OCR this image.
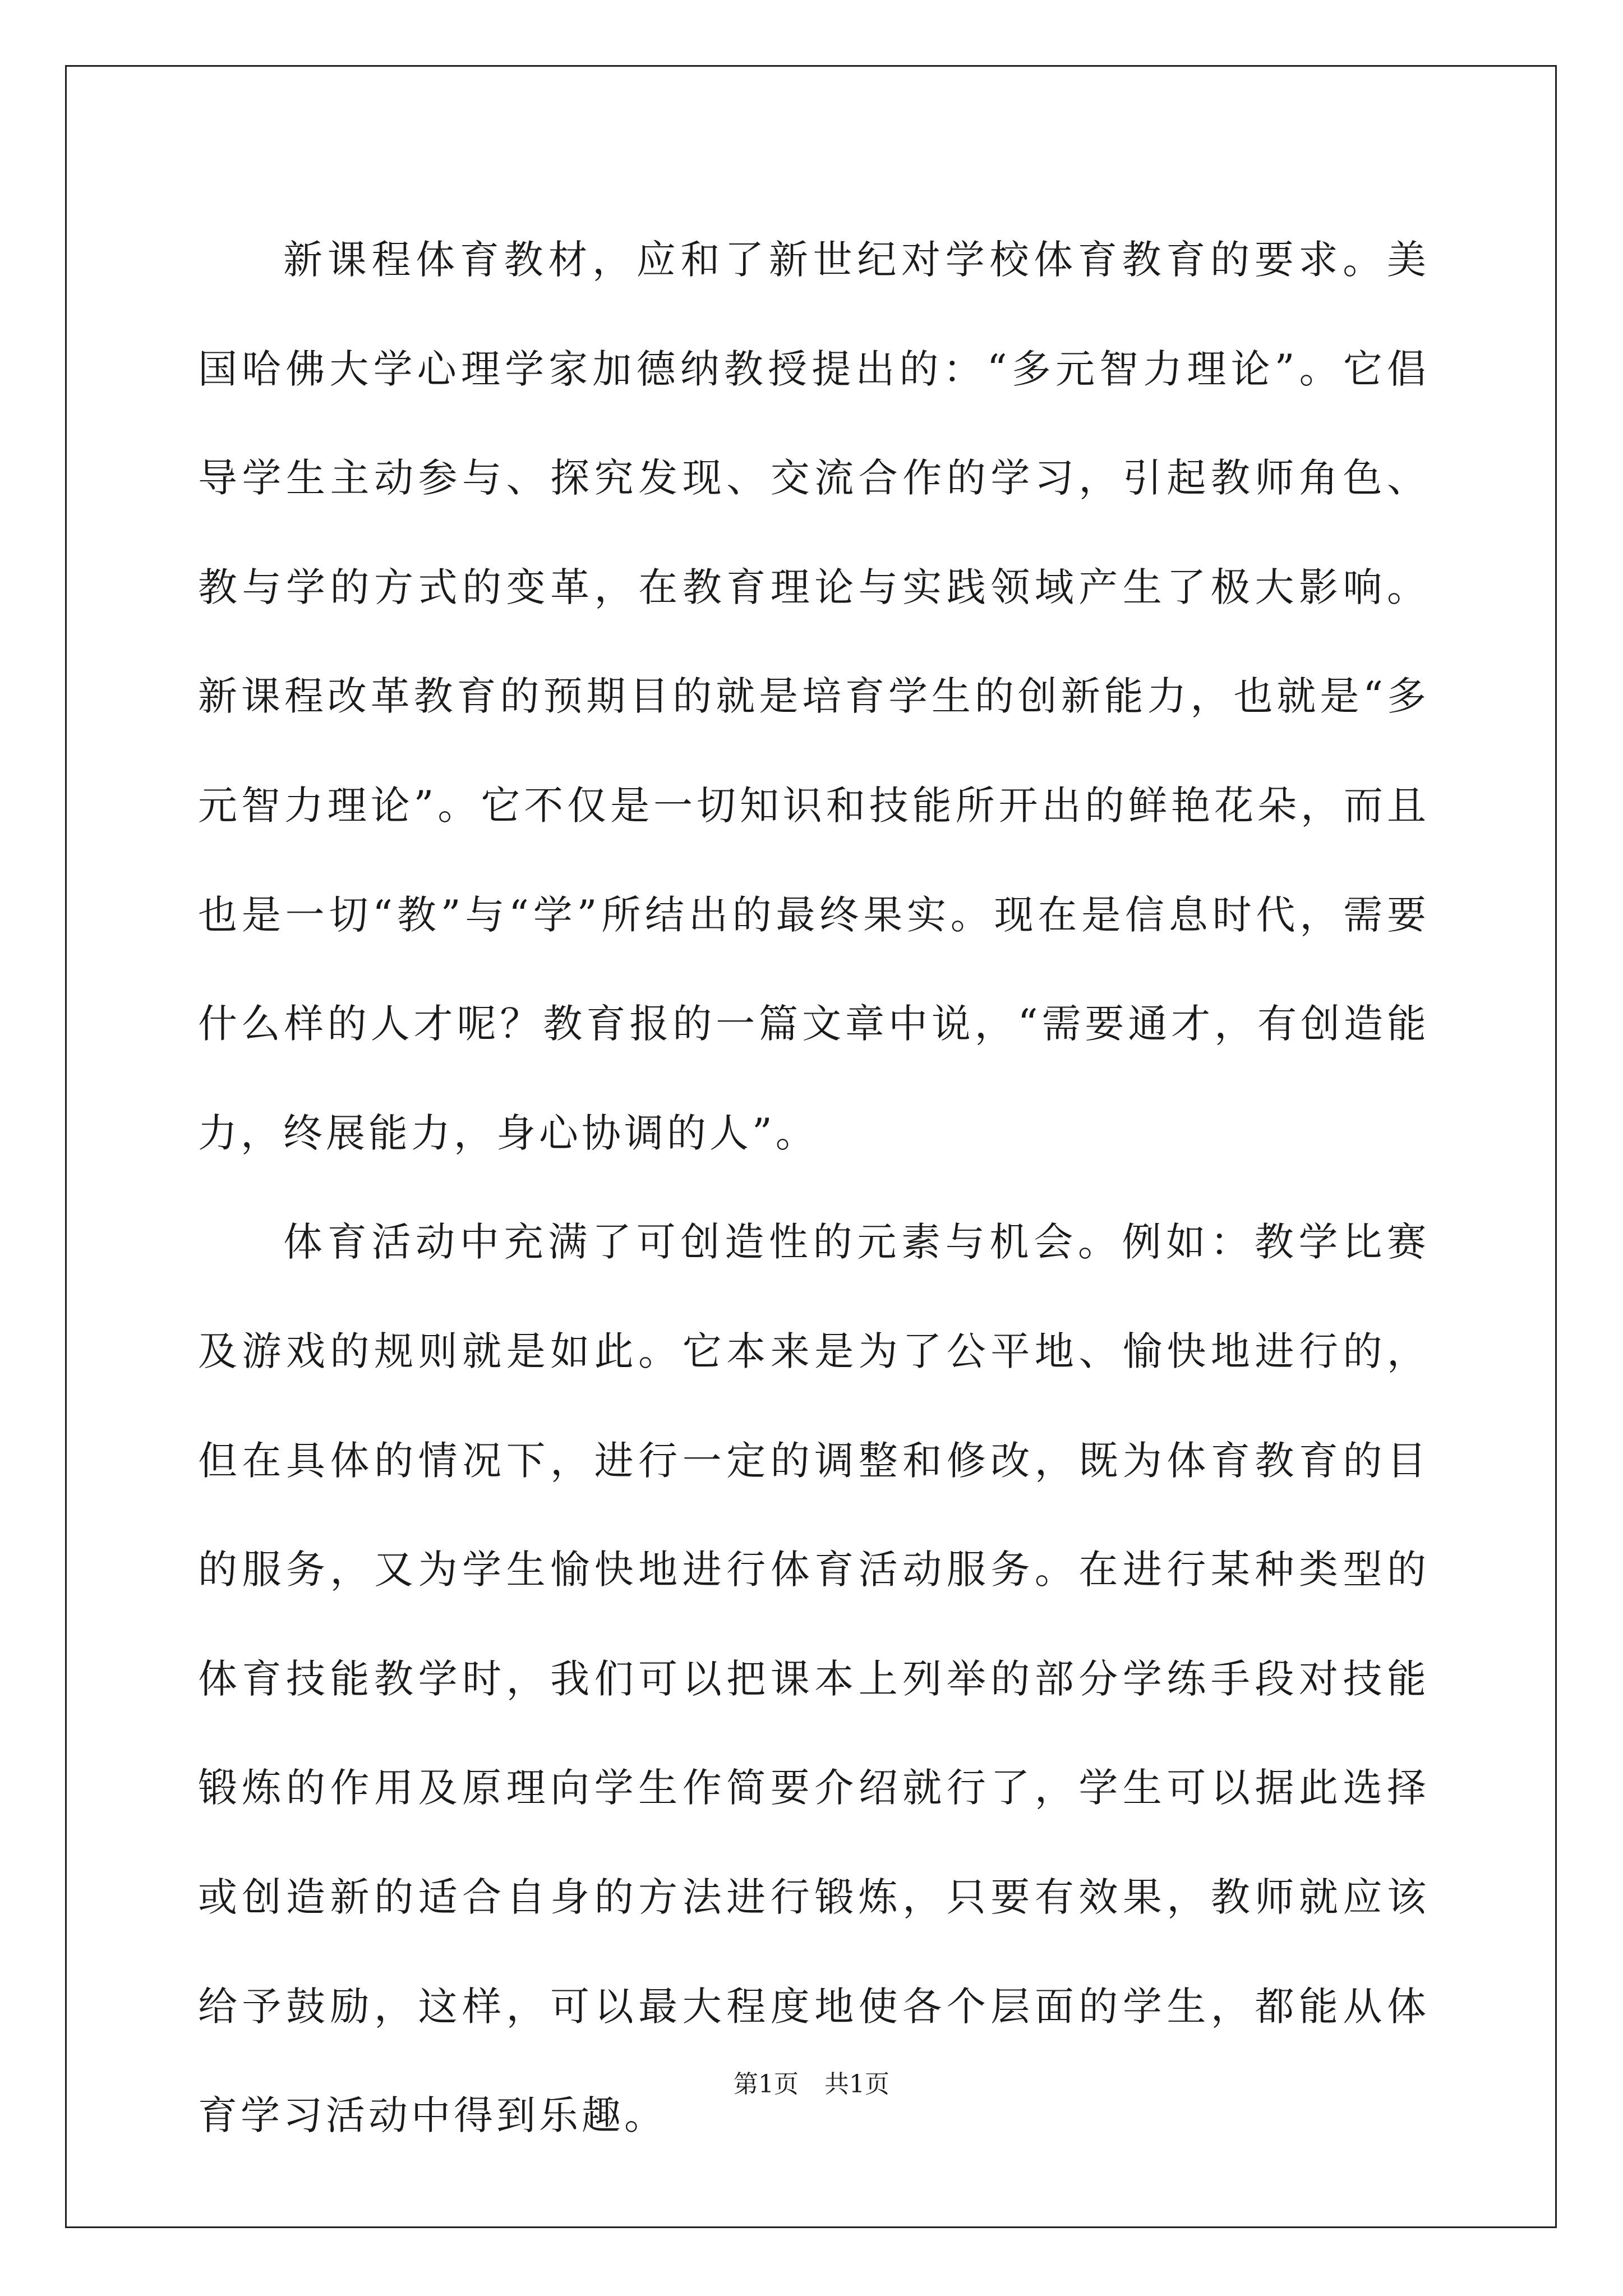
新课程体育教材，应和了新世纪对学校体育教育的要求。美国哈佛大学心理学家加德纳教授提出的：“多元智力理论”。它倡导学生主动参与、探究发现、交流合作的学习，引起教师角色、教与学的方式的变革，在教育理论与实践领域产生了极大影响。新课程改革教育的预期目的就是培育学生的创新能力，也就是“多元智力理论”。它不仅是一切知识和技能所开出的鲜艳花朵，而且也是一切“教”与“学”所结出的最终果实。现在是信息时代，需要什么样的人才呢？教育报的一篇文章中说，“需要通才，有创造能力，终展能力，身心协调的人”。

体育活动中充满了可创造性的元素与机会。例如：教学比赛及游戏的规则就是如此。它本来是为了公平地、愉快地进行的，但在具体的情况下，进行一定的调整和修改，既为体育教育的目的服务，又为学生愉快地进行体育活动服务。在进行某种类型的体育技能教学时，我们可以把课本上列举的部分学练手段对技能锻炼的作用及原理向学生作简要介绍就行了，学生可以据此选择或创造新的适合自身的方法进行锻炼，只要有效果，教师就应该给予鼓励，这样，可以最大程度地使各个层面的学生，都能从体育学习活动中得到乐趣。

第1页 共1页
